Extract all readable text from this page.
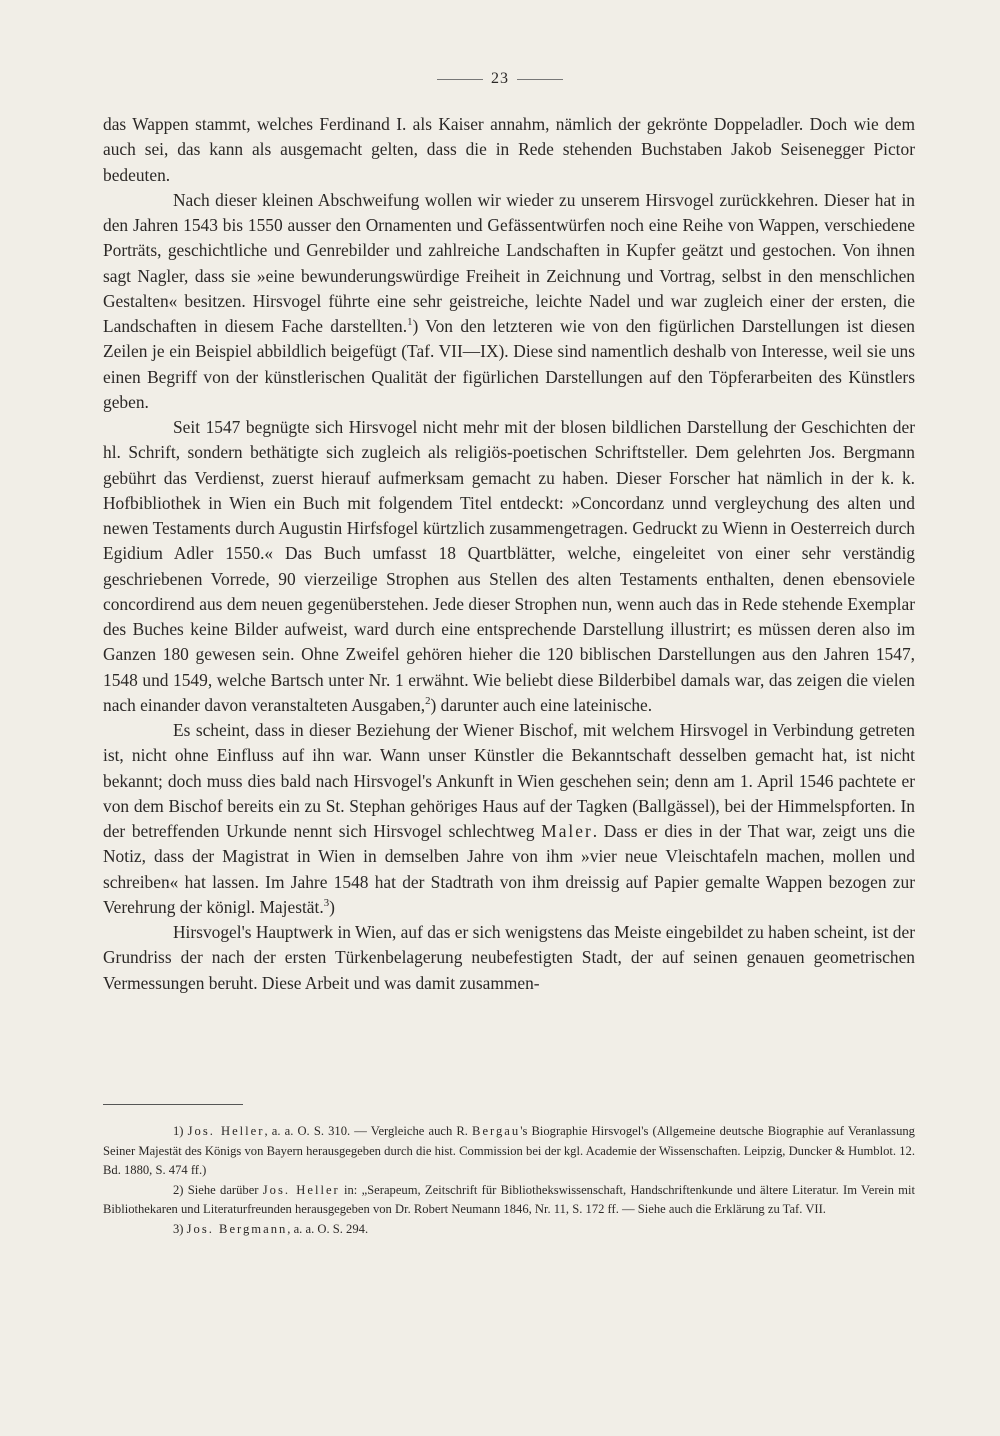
23

das Wappen stammt, welches Ferdinand I. als Kaiser annahm, nämlich der gekrönte Doppeladler. Doch wie dem auch sei, das kann als ausgemacht gelten, dass die in Rede stehenden Buchstaben Jakob Seisenegger Pictor bedeuten.

Nach dieser kleinen Abschweifung wollen wir wieder zu unserem Hirsvogel zurückkehren. Dieser hat in den Jahren 1543 bis 1550 ausser den Ornamenten und Gefässentwürfen noch eine Reihe von Wappen, verschiedene Porträts, geschichtliche und Genrebilder und zahlreiche Landschaften in Kupfer geätzt und gestochen. Von ihnen sagt Nagler, dass sie »eine bewunderungswürdige Freiheit in Zeichnung und Vortrag, selbst in den menschlichen Gestalten« besitzen. Hirsvogel führte eine sehr geistreiche, leichte Nadel und war zugleich einer der ersten, die Landschaften in diesem Fache darstellten.$^1$) Von den letzteren wie von den figürlichen Darstellungen ist diesen Zeilen je ein Beispiel abbildlich beigefügt (Taf. VII—IX). Diese sind namentlich deshalb von Interesse, weil sie uns einen Begriff von der künstlerischen Qualität der figürlichen Darstellungen auf den Töpferarbeiten des Künstlers geben.

Seit 1547 begnügte sich Hirsvogel nicht mehr mit der blosen bildlichen Darstellung der Geschichten der hl. Schrift, sondern bethätigte sich zugleich als religiös-poetischen Schriftsteller. Dem gelehrten Jos. Bergmann gebührt das Verdienst, zuerst hierauf aufmerksam gemacht zu haben. Dieser Forscher hat nämlich in der k. k. Hofbibliothek in Wien ein Buch mit folgendem Titel entdeckt: »Concordanz unnd vergleychung des alten und newen Testaments durch Augustin Hirfsfogel kürtzlich zusammengetragen. Gedruckt zu Wienn in Oesterreich durch Egidium Adler 1550.« Das Buch umfasst 18 Quartblätter, welche, eingeleitet von einer sehr verständig geschriebenen Vorrede, 90 vierzeilige Strophen aus Stellen des alten Testaments enthalten, denen ebensoviele concordirend aus dem neuen gegenüberstehen. Jede dieser Strophen nun, wenn auch das in Rede stehende Exemplar des Buches keine Bilder aufweist, ward durch eine entsprechende Darstellung illustrirt; es müssen deren also im Ganzen 180 gewesen sein. Ohne Zweifel gehören hieher die 120 biblischen Darstellungen aus den Jahren 1547, 1548 und 1549, welche Bartsch unter Nr. 1 erwähnt. Wie beliebt diese Bilderbibel damals war, das zeigen die vielen nach einander davon veranstalteten Ausgaben,$^2$) darunter auch eine lateinische.

Es scheint, dass in dieser Beziehung der Wiener Bischof, mit welchem Hirsvogel in Verbindung getreten ist, nicht ohne Einfluss auf ihn war. Wann unser Künstler die Bekanntschaft desselben gemacht hat, ist nicht bekannt; doch muss dies bald nach Hirsvogel's Ankunft in Wien geschehen sein; denn am 1. April 1546 pachtete er von dem Bischof bereits ein zu St. Stephan gehöriges Haus auf der Tagken (Ballgässel), bei der Himmelspforten. In der betreffenden Urkunde nennt sich Hirsvogel schlechtweg Maler. Dass er dies in der That war, zeigt uns die Notiz, dass der Magistrat in Wien in demselben Jahre von ihm »vier neue Vleischtafeln machen, mollen und schreiben« hat lassen. Im Jahre 1548 hat der Stadtrath von ihm dreissig auf Papier gemalte Wappen bezogen zur Verehrung der königl. Majestät.$^3$)

Hirsvogel's Hauptwerk in Wien, auf das er sich wenigstens das Meiste eingebildet zu haben scheint, ist der Grundriss der nach der ersten Türkenbelagerung neubefestigten Stadt, der auf seinen genauen geometrischen Vermessungen beruht. Diese Arbeit und was damit zusammen-

1) Jos. Heller, a. a. O. S. 310. — Vergleiche auch R. Bergau's Biographie Hirsvogel's (Allgemeine deutsche Biographie auf Veranlassung Seiner Majestät des Königs von Bayern herausgegeben durch die hist. Commission bei der kgl. Academie der Wissenschaften. Leipzig, Duncker & Humblot. 12. Bd. 1880, S. 474 ff.)

2) Siehe darüber Jos. Heller in: „Serapeum, Zeitschrift für Bibliothekswissenschaft, Handschriftenkunde und ältere Literatur. Im Verein mit Bibliothekaren und Literaturfreunden herausgegeben von Dr. Robert Neumann 1846, Nr. 11, S. 172 ff. — Siehe auch die Erklärung zu Taf. VII.

3) Jos. Bergmann, a. a. O. S. 294.
